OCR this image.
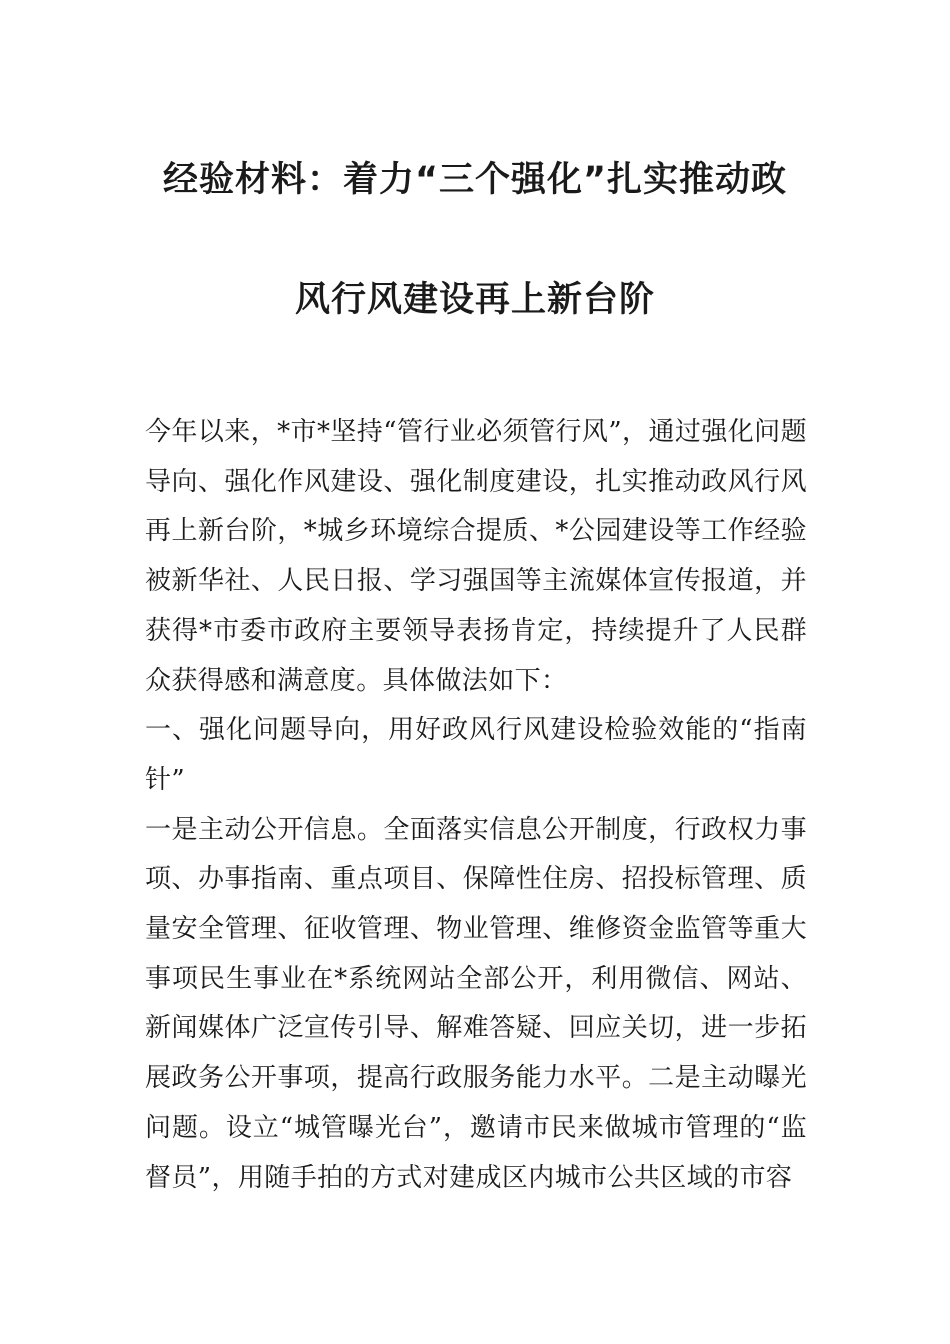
经验材料：着力“三个强化”扎实推动政
风行风建设再上新台阶

今年以来，*市*坚持“管行业必须管行风”，通过强化问题导向、强化作风建设、强化制度建设，扎实推动政风行风再上新台阶，*城乡环境综合提质、*公园建设等工作经验被新华社、人民日报、学习强国等主流媒体宣传报道，并获得*市委市政府主要领导表扬肯定，持续提升了人民群众获得感和满意度。具体做法如下：

一、强化问题导向，用好政风行风建设检验效能的“指南针”

一是主动公开信息。全面落实信息公开制度，行政权力事项、办事指南、重点项目、保障性住房、招投标管理、质量安全管理、征收管理、物业管理、维修资金监管等重大事项民生事业在*系统网站全部公开，利用微信、网站、新闻媒体广泛宣传引导、解难答疑、回应关切，进一步拓展政务公开事项，提高行政服务能力水平。二是主动曝光问题。设立“城管曝光台”，邀请市民来做城市管理的“监督员”，用随手拍的方式对建成区内城市公共区域的市容
